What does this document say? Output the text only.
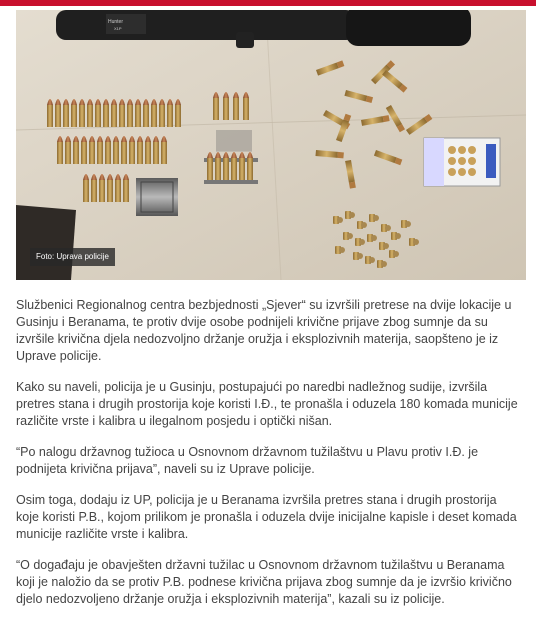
Hunter
X1P
Foto: Uprava policije

Službenici Regionalnog centra bezbjednosti „Sjever“ su izvršili pretrese na dvije lokacije u Gusinju i Beranama, te protiv dvije osobe podnijeli krivične prijave zbog sumnje da su izvršile krivična djela nedozvoljno držanje oružja i eksplozivnih materija, saopšteno je iz Uprave policije.

Kako su naveli, policija je u Gusinju, postupajući po naredbi nadležnog sudije, izvršila pretres stana i drugih prostorija koje koristi I.Đ., te pronašla i oduzela 180 komada municije različite vrste i kalibra u ilegalnom posjedu i optički nišan.

“Po nalogu državnog tužioca u Osnovnom državnom tužilaštvu u Plavu protiv I.Đ. je podnijeta krivična prijava”, naveli su iz Uprave policije.

Osim toga, dodaju iz UP, policija je u Beranama izvršila pretres stana i drugih prostorija koje koristi P.B., kojom prilikom je pronašla i oduzela dvije inicijalne kapisle i deset komada municije različite vrste i kalibra.

“O događaju je obavješten državni tužilac u Osnovnom državnom tužilaštvu u Beranama koji je naložio da se protiv P.B. podnese krivična prijava zbog sumnje da je izvršio krivično djelo nedozvoljeno držanje oružja i eksplozivnih materija”, kazali su iz policije.
